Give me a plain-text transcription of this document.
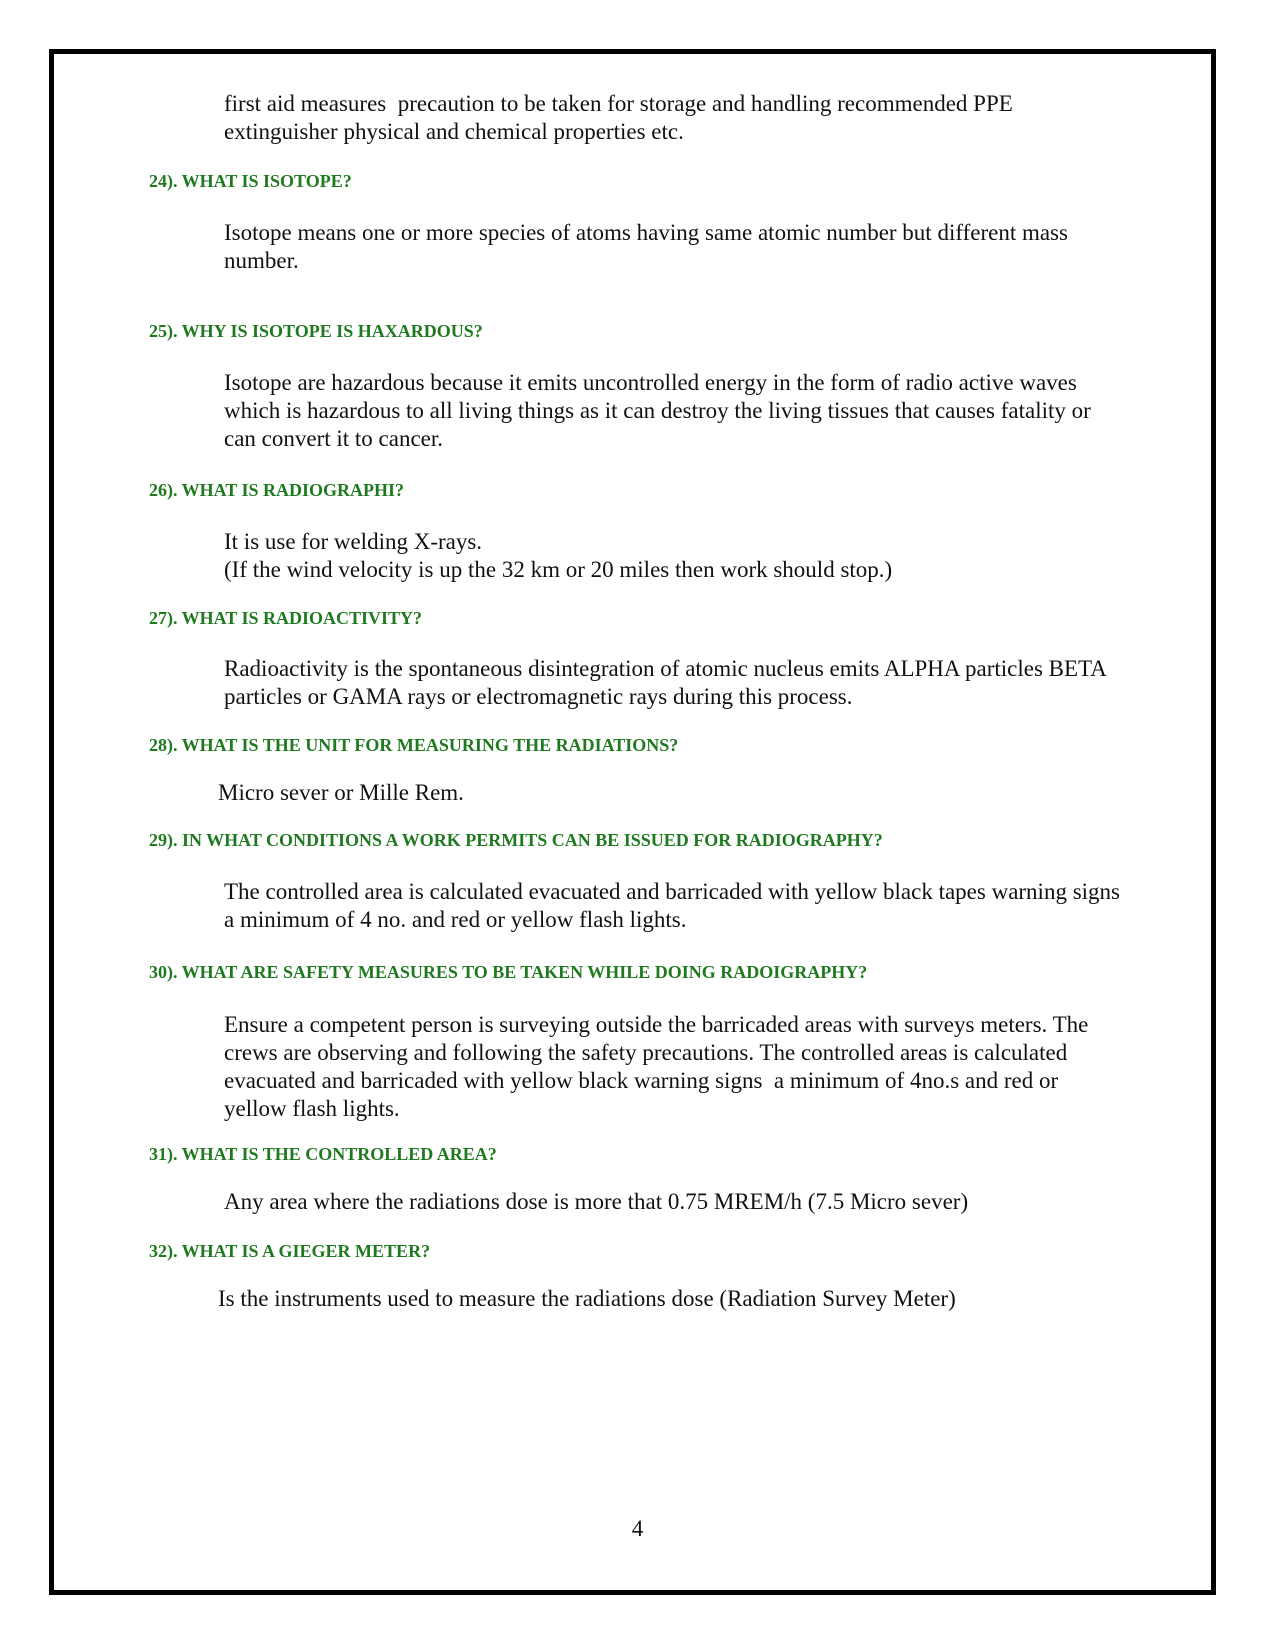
first aid measures  precaution to be taken for storage and handling recommended PPE
extinguisher physical and chemical properties etc.

24). WHAT IS ISOTOPE?

Isotope means one or more species of atoms having same atomic number but different mass
number.

25). WHY IS ISOTOPE IS HAXARDOUS?

Isotope are hazardous because it emits uncontrolled energy in the form of radio active waves
which is hazardous to all living things as it can destroy the living tissues that causes fatality or
can convert it to cancer.

26). WHAT IS RADIOGRAPHI?

It is use for welding X-rays.
(If the wind velocity is up the 32 km or 20 miles then work should stop.)

27). WHAT IS RADIOACTIVITY?

Radioactivity is the spontaneous disintegration of atomic nucleus emits ALPHA particles BETA
particles or GAMA rays or electromagnetic rays during this process.

28). WHAT IS THE UNIT FOR MEASURING THE RADIATIONS?

Micro sever or Mille Rem.

29). IN WHAT CONDITIONS A WORK PERMITS CAN BE ISSUED FOR RADIOGRAPHY?

The controlled area is calculated evacuated and barricaded with yellow black tapes warning signs
a minimum of 4 no. and red or yellow flash lights.

30). WHAT ARE SAFETY MEASURES TO BE TAKEN WHILE DOING RADOIGRAPHY?

Ensure a competent person is surveying outside the barricaded areas with surveys meters. The
crews are observing and following the safety precautions. The controlled areas is calculated
evacuated and barricaded with yellow black warning signs  a minimum of 4no.s and red or
yellow flash lights.

31). WHAT IS THE CONTROLLED AREA?

Any area where the radiations dose is more that 0.75 MREM/h (7.5 Micro sever)

32). WHAT IS A GIEGER METER?

Is the instruments used to measure the radiations dose (Radiation Survey Meter)

4
